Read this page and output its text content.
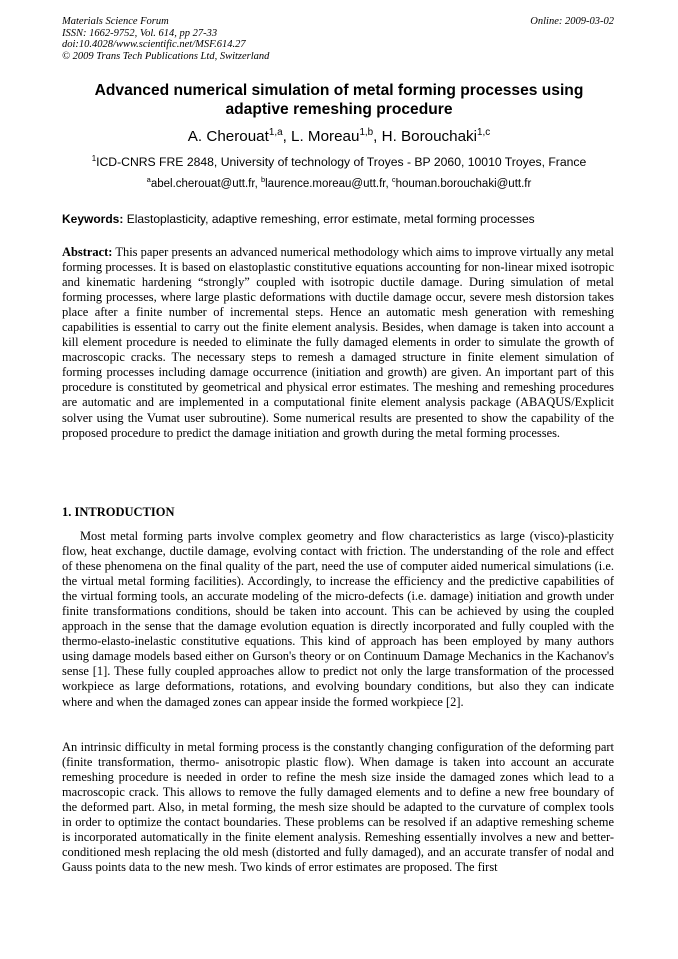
Materials Science Forum
ISSN: 1662-9752, Vol. 614, pp 27-33
doi:10.4028/www.scientific.net/MSF.614.27
© 2009 Trans Tech Publications Ltd, Switzerland
Online: 2009-03-02
Advanced numerical simulation of metal forming processes using adaptive remeshing procedure
A. Cherouat$^{1,a}$, L. Moreau$^{1,b}$, H. Borouchaki$^{1,c}$
$^1$ICD-CNRS FRE 2848, University of technology of Troyes - BP 2060, 10010 Troyes, France
$^a$abel.cherouat@utt.fr, $^b$laurence.moreau@utt.fr, $^c$houman.borouchaki@utt.fr
Keywords: Elastoplasticity, adaptive remeshing, error estimate, metal forming processes

Abstract: This paper presents an advanced numerical methodology which aims to improve virtually any metal forming processes. It is based on elastoplastic constitutive equations accounting for non-linear mixed isotropic and kinematic hardening “strongly” coupled with isotropic ductile damage. During simulation of metal forming processes, where large plastic deformations with ductile damage occur, severe mesh distorsion takes place after a finite number of incremental steps. Hence an automatic mesh generation with remeshing capabilities is essential to carry out the finite element analysis. Besides, when damage is taken into account a kill element procedure is needed to eliminate the fully damaged elements in order to simulate the growth of macroscopic cracks. The necessary steps to remesh a damaged structure in finite element simulation of forming processes including damage occurrence (initiation and growth) are given. An important part of this procedure is constituted by geometrical and physical error estimates. The meshing and remeshing procedures are automatic and are implemented in a computational finite element analysis package (ABAQUS/Explicit solver using the Vumat user subroutine). Some numerical results are presented to show the capability of the proposed procedure to predict the damage initiation and growth during the metal forming processes.

1. INTRODUCTION

Most metal forming parts involve complex geometry and flow characteristics as large (visco)-plasticity flow, heat exchange, ductile damage, evolving contact with friction. The understanding of the role and effect of these phenomena on the final quality of the part, need the use of computer aided numerical simulations (i.e. the virtual metal forming facilities). Accordingly, to increase the efficiency and the predictive capabilities of the virtual forming tools, an accurate modeling of the micro-defects (i.e. damage) initiation and growth under finite transformations conditions, should be taken into account. This can be achieved by using the coupled approach in the sense that the damage evolution equation is directly incorporated and fully coupled with the thermo-elasto-inelastic constitutive equations. This kind of approach has been employed by many authors using damage models based either on Gurson's theory or on Continuum Damage Mechanics in the Kachanov's sense [1]. These fully coupled approaches allow to predict not only the large transformation of the processed workpiece as large deformations, rotations, and evolving boundary conditions, but also they can indicate where and when the damaged zones can appear inside the formed workpiece [2].

An intrinsic difficulty in metal forming process is the constantly changing configuration of the deforming part (finite transformation, thermo- anisotropic plastic flow). When damage is taken into account an accurate remeshing procedure is needed in order to refine the mesh size inside the damaged zones which lead to a macroscopic crack. This allows to remove the fully damaged elements and to define a new free boundary of the deformed part. Also, in metal forming, the mesh size should be adapted to the curvature of complex tools in order to optimize the contact boundaries. These problems can be resolved if an adaptive remeshing scheme is incorporated automatically in the finite element analysis. Remeshing essentially involves a new and better-conditioned mesh replacing the old mesh (distorted and fully damaged), and an accurate transfer of nodal and Gauss points data to the new mesh. Two kinds of error estimates are proposed. The first
